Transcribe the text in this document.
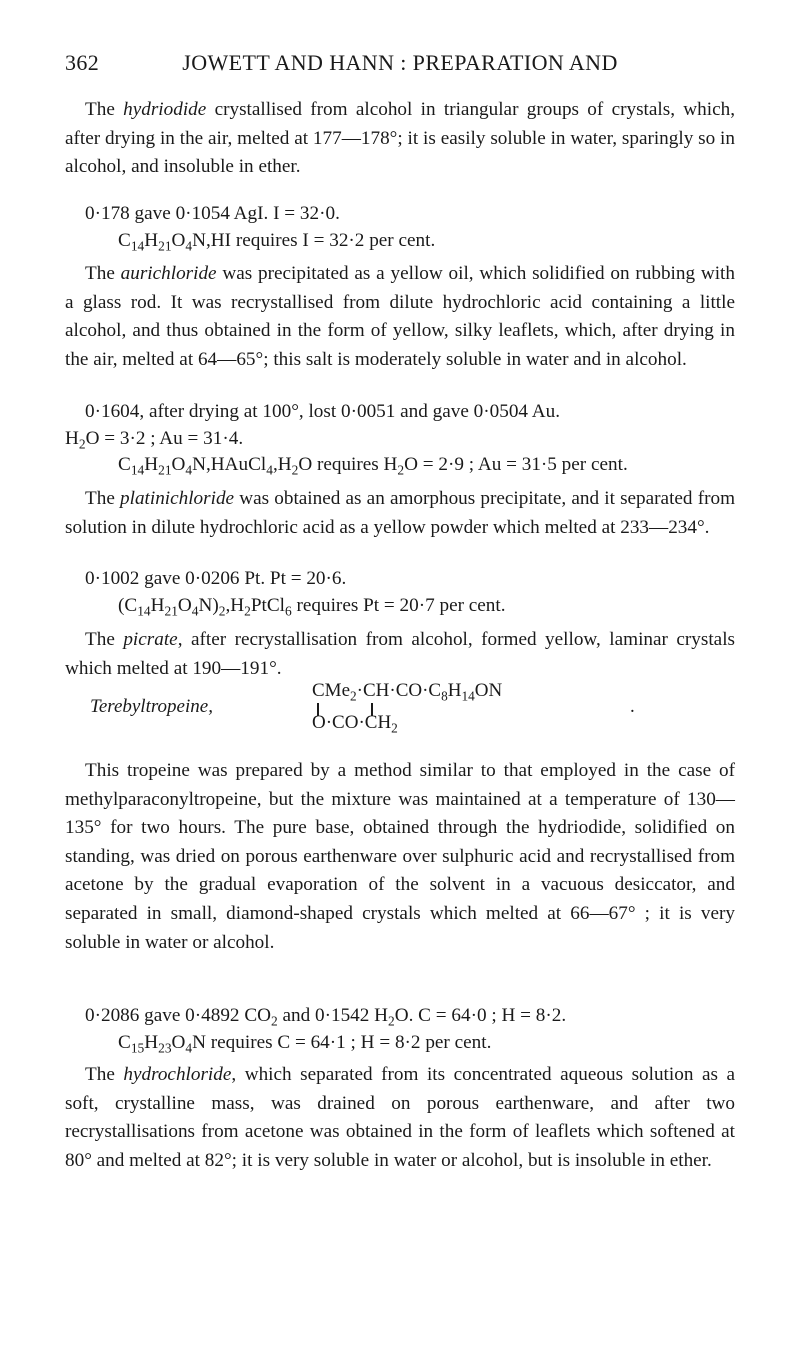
362	JOWETT AND HANN : PREPARATION AND

The hydriodide crystallised from alcohol in triangular groups of crystals, which, after drying in the air, melted at 177—178°; it is easily soluble in water, sparingly so in alcohol, and insoluble in ether.

0·178 gave 0·1054 AgI. I = 32·0.
$C_{14}H_{21}O_4N,HI$ requires I = 32·2 per cent.

The aurichloride was precipitated as a yellow oil, which solidified on rubbing with a glass rod. It was recrystallised from dilute hydrochloric acid containing a little alcohol, and thus obtained in the form of yellow, silky leaflets, which, after drying in the air, melted at 64—65°; this salt is moderately soluble in water and in alcohol.

0·1604, after drying at 100°, lost 0·0051 and gave 0·0504 Au.
$H_2O = 3\cdot 2$ ; Au = 31·4.
$C_{14}H_{21}O_4N,HAuCl_4,H_2O$ requires $H_2O = 2\cdot 9$ ; Au = 31·5 per cent.

The platinichloride was obtained as an amorphous precipitate, and it separated from solution in dilute hydrochloric acid as a yellow powder which melted at 233—234°.

0·1002 gave 0·0206 Pt. Pt = 20·6.
$(C_{14}H_{21}O_4N)_2,H_2PtCl_6$ requires Pt = 20·7 per cent.

The picrate, after recrystallisation from alcohol, formed yellow, laminar crystals which melted at 190—191°.

Terebyltropeine,
$CMe_2\cdot CH\cdot CO\cdot C_8H_{14}ON$
$O\cdot CO\cdot CH_2$
.

This tropeine was prepared by a method similar to that employed in the case of methylparaconyltropeine, but the mixture was maintained at a temperature of 130—135° for two hours. The pure base, obtained through the hydriodide, solidified on standing, was dried on porous earthenware over sulphuric acid and recrystallised from acetone by the gradual evaporation of the solvent in a vacuous desiccator, and separated in small, diamond-shaped crystals which melted at 66—67° ; it is very soluble in water or alcohol.

0·2086 gave 0·4892 $CO_2$ and 0·1542 $H_2O$. C = 64·0 ; H = 8·2.
$C_{15}H_{23}O_4N$ requires C = 64·1 ; H = 8·2 per cent.

The hydrochloride, which separated from its concentrated aqueous solution as a soft, crystalline mass, was drained on porous earthenware, and after two recrystallisations from acetone was obtained in the form of leaflets which softened at 80° and melted at 82°; it is very soluble in water or alcohol, but is insoluble in ether.
